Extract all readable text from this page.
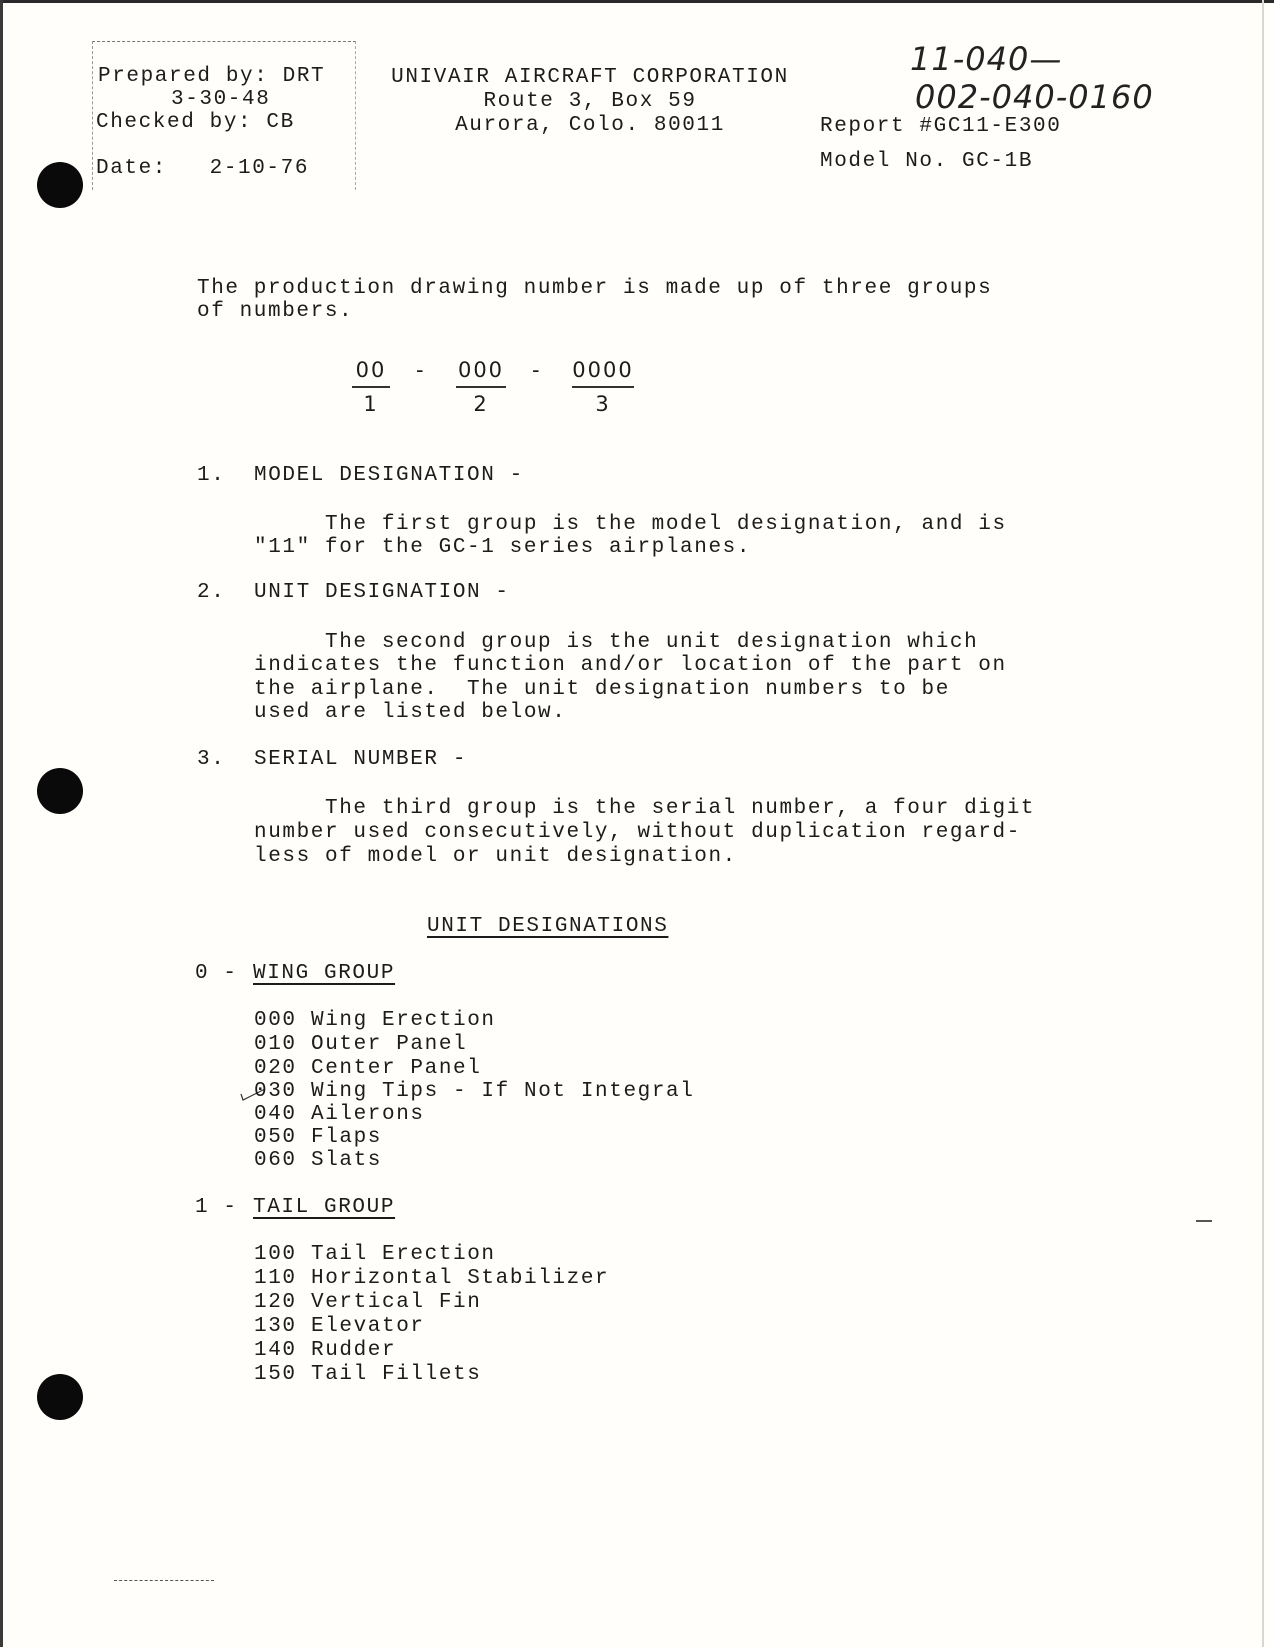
Prepared by: DRT
3-30-48
Checked by: CB
Date:   2-10-76
UNIVAIR AIRCRAFT CORPORATION
Route 3, Box 59
Aurora, Colo. 80011
11-040—
002-040-0160
Report #GC11-E300
Model No. GC-1B
The production drawing number is made up of three groups
of numbers.
$\frac{00}{1} - \frac{000}{2} - \frac{0000}{3}$
1. MODEL DESIGNATION -
The first group is the model designation, and is
"11" for the GC-1 series airplanes.
2. UNIT DESIGNATION -
The second group is the unit designation which
indicates the function and/or location of the part on
the airplane.  The unit designation numbers to be
used are listed below.
3. SERIAL NUMBER -
The third group is the serial number, a four digit
number used consecutively, without duplication regard-
less of model or unit designation.
UNIT DESIGNATIONS
0 - WING GROUP
000 Wing Erection
010 Outer Panel
020 Center Panel
030 Wing Tips - If Not Integral
040 Ailerons
050 Flaps
060 Slats
1 - TAIL GROUP
100 Tail Erection
110 Horizontal Stabilizer
120 Vertical Fin
130 Elevator
140 Rudder
150 Tail Fillets
